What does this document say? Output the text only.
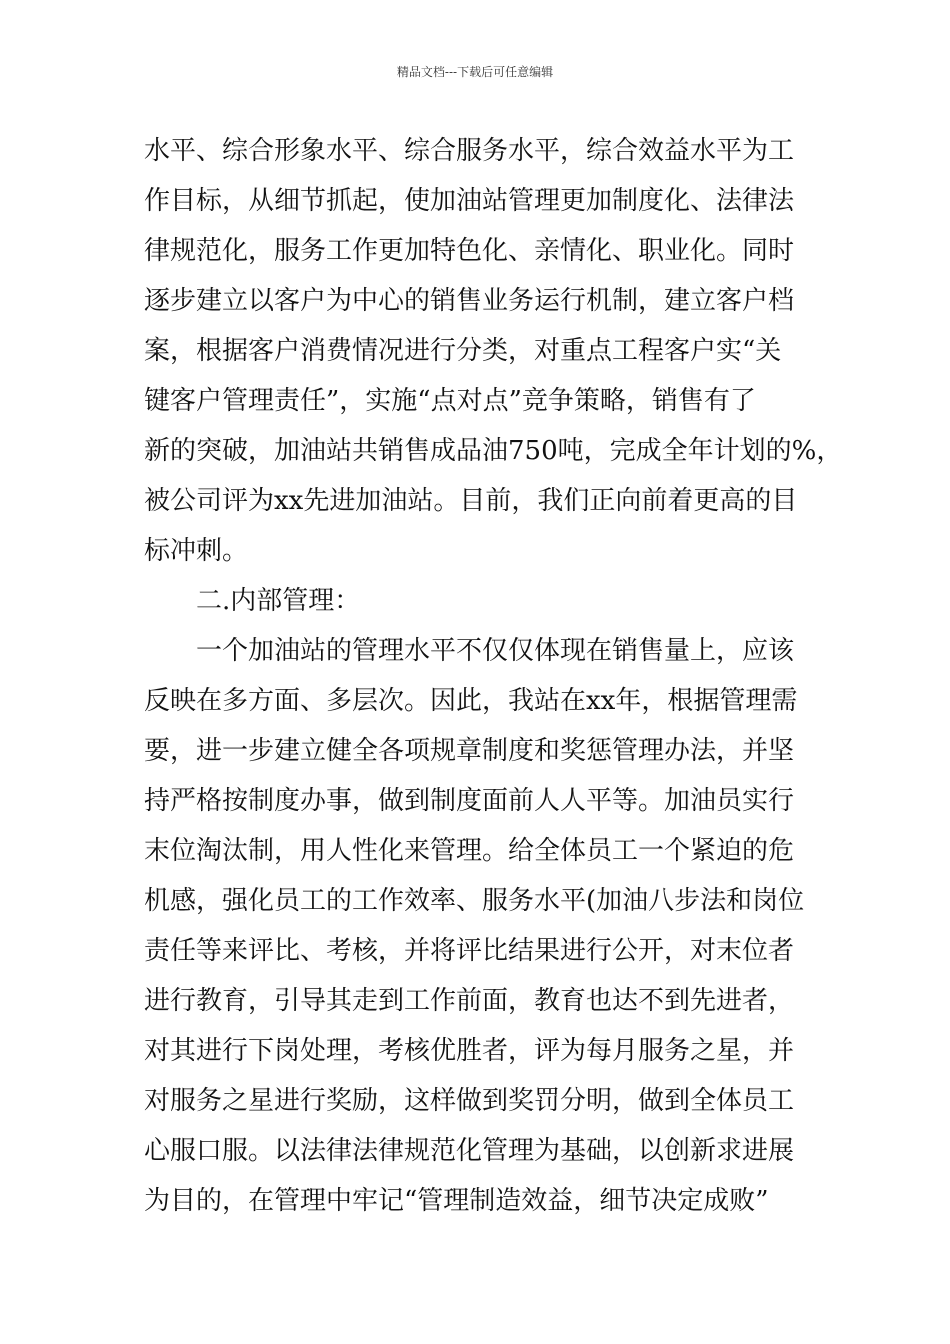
精品文档---下载后可任意编辑
水平、综合形象水平、综合服务水平，综合效益水平为工
作目标，从细节抓起，使加油站管理更加制度化、法律法
律规范化，服务工作更加特色化、亲情化、职业化。同时
逐步建立以客户为中心的销售业务运行机制，建立客户档
案，根据客户消费情况进行分类，对重点工程客户实“关
键客户管理责任”，实施“点对点”竞争策略，销售有了
新的突破，加油站共销售成品油750吨，完成全年计划的%，
被公司评为xx先进加油站。目前，我们正向前着更高的目
标冲刺。
二.内部管理：
一个加油站的管理水平不仅仅体现在销售量上，应该
反映在多方面、多层次。因此，我站在xx年，根据管理需
要，进一步建立健全各项规章制度和奖惩管理办法，并坚
持严格按制度办事，做到制度面前人人平等。加油员实行
末位淘汰制，用人性化来管理。给全体员工一个紧迫的危
机感，强化员工的工作效率、服务水平(加油八步法和岗位
责任等来评比、考核，并将评比结果进行公开，对末位者
进行教育，引导其走到工作前面，教育也达不到先进者，
对其进行下岗处理，考核优胜者，评为每月服务之星，并
对服务之星进行奖励，这样做到奖罚分明，做到全体员工
心服口服。以法律法律规范化管理为基础，以创新求进展
为目的，在管理中牢记“管理制造效益，细节决定成败”
